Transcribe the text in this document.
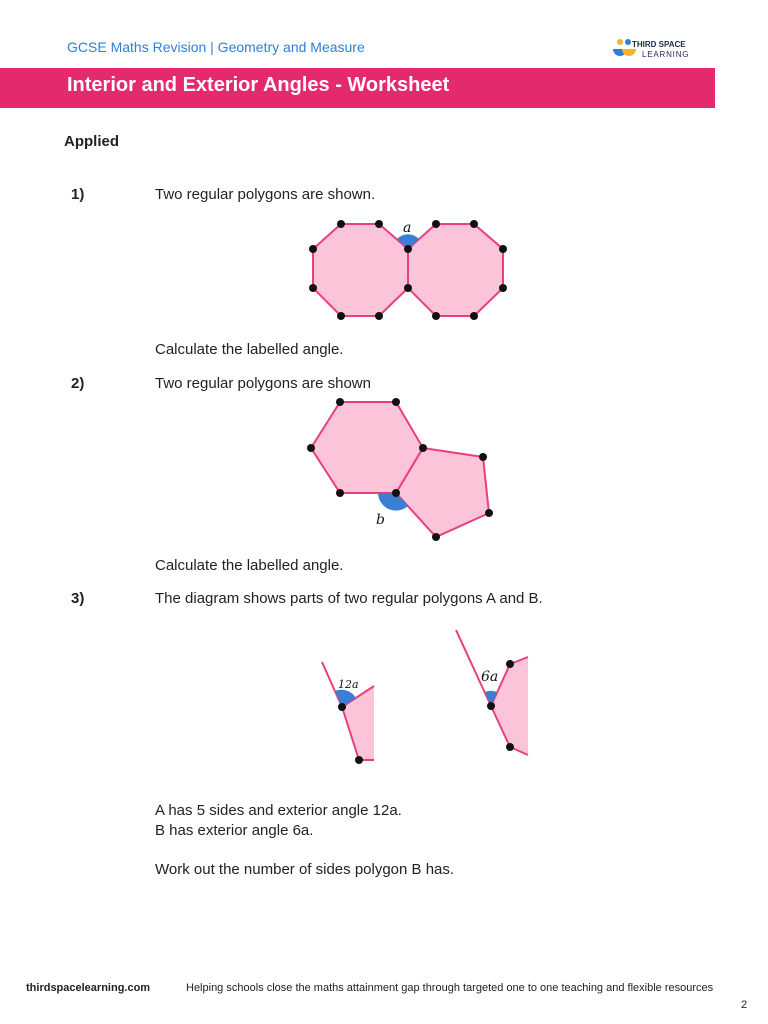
GCSE Maths Revision | Geometry and Measure	THIRD SPACE
LEARNING
Interior and Exterior Angles - Worksheet
Applied
1)	Two regular polygons are shown.
a
Calculate the labelled angle.
2)	Two regular polygons are shown
b
Calculate the labelled angle.
3)	The diagram shows parts of two regular polygons A and B.
12a	6a
A has 5 sides and exterior angle 12a.
B has exterior angle 6a.
Work out the number of sides polygon B has.
thirdspacelearning.com	Helping schools close the maths attainment gap through targeted one to one teaching and flexible resources
2
